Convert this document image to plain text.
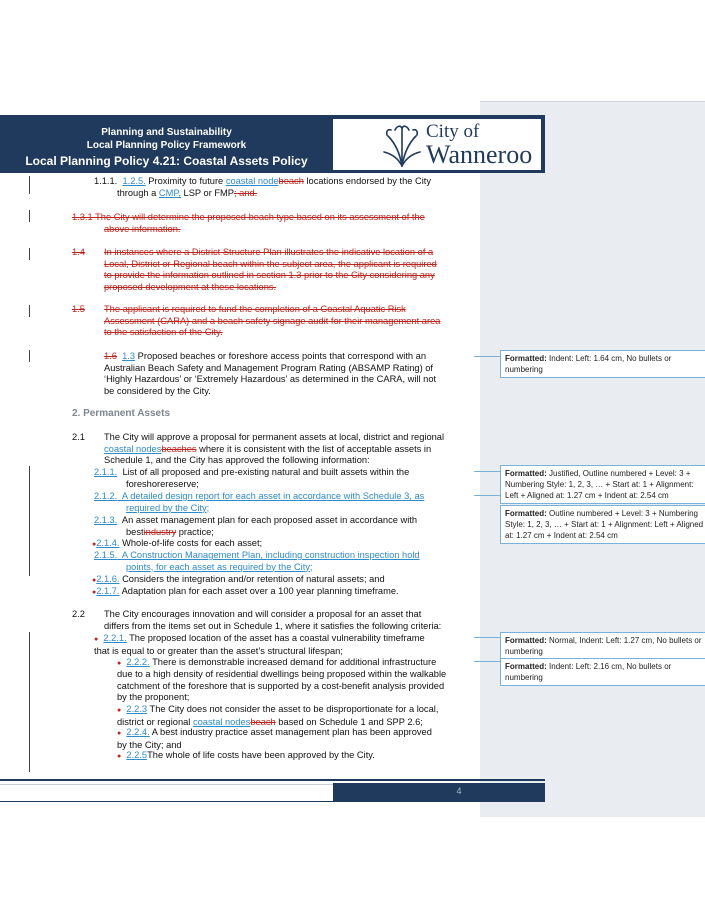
Planning and Sustainability
Local Planning Policy Framework
Local Planning Policy 4.21: Coastal Assets Policy
City of
Wanneroo
1.1.1. 1.2.5. Proximity to future coastal nodebeach locations endorsed by the City
through a CMP, LSP or FMP; and.
1.3.1 The City will determine the proposed beach type based on its assessment of the
above information.
1.4 In instances where a District Structure Plan illustrates the indicative location of a
Local, District or Regional beach within the subject area, the applicant is required
to provide the information outlined in section 1.3 prior to the City considering any
proposed development at these locations.
1.5 The applicant is required to fund the completion of a Coastal Aquatic Risk
Assessment (CARA) and a beach safety signage audit for their management area
to the satisfaction of the City.
1.6 1.3 Proposed beaches or foreshore access points that correspond with an
Australian Beach Safety and Management Program Rating (ABSAMP Rating) of
‘Highly Hazardous’ or ‘Extremely Hazardous’ as determined in the CARA, will not
be considered by the City.
2. Permanent Assets
2.1 The City will approve a proposal for permanent assets at local, district and regional
coastal nodesbeaches where it is consistent with the list of acceptable assets in
Schedule 1, and the City has approved the following information:
2.1.1. List of all proposed and pre-existing natural and built assets within the
foreshorereserve;
2.1.2. A detailed design report for each asset in accordance with Schedule 3, as
required by the City;
2.1.3. An asset management plan for each proposed asset in accordance with
bestindustry practice;
●2.1.4. Whole-of-life costs for each asset;
2.1.5. A Construction Management Plan, including construction inspection hold
points, for each asset as required by the City;
●2.1.6. Considers the integration and/or retention of natural assets; and
●2.1.7. Adaptation plan for each asset over a 100 year planning timeframe.
2.2 The City encourages innovation and will consider a proposal for an asset that
differs from the items set out in Schedule 1, where it satisfies the following criteria:
● 2.2.1. The proposed location of the asset has a coastal vulnerability timeframe
that is equal to or greater than the asset’s structural lifespan;
● 2.2.2. There is demonstrable increased demand for additional infrastructure
due to a high density of residential dwellings being proposed within the walkable
catchment of the foreshore that is supported by a cost-benefit analysis provided
by the proponent;
● 2.2.3 The City does not consider the asset to be disproportionate for a local,
district or regional coastal nodesbeach based on Schedule 1 and SPP 2.6;
● 2.2.4. A best industry practice asset management plan has been approved
by the City; and
● 2.2.5The whole of life costs have been approved by the City.
4
Formatted: Indent: Left: 1.64 cm, No bullets or numbering
Formatted: Justified, Outline numbered + Level: 3 + Numbering Style: 1, 2, 3, … + Start at: 1 + Alignment: Left + Aligned at: 1.27 cm + Indent at: 2.54 cm
Formatted: Outline numbered + Level: 3 + Numbering Style: 1, 2, 3, … + Start at: 1 + Alignment: Left + Aligned at: 1.27 cm + Indent at: 2.54 cm
Formatted: Normal, Indent: Left: 1.27 cm, No bullets or numbering
Formatted: Indent: Left: 2.16 cm, No bullets or numbering
